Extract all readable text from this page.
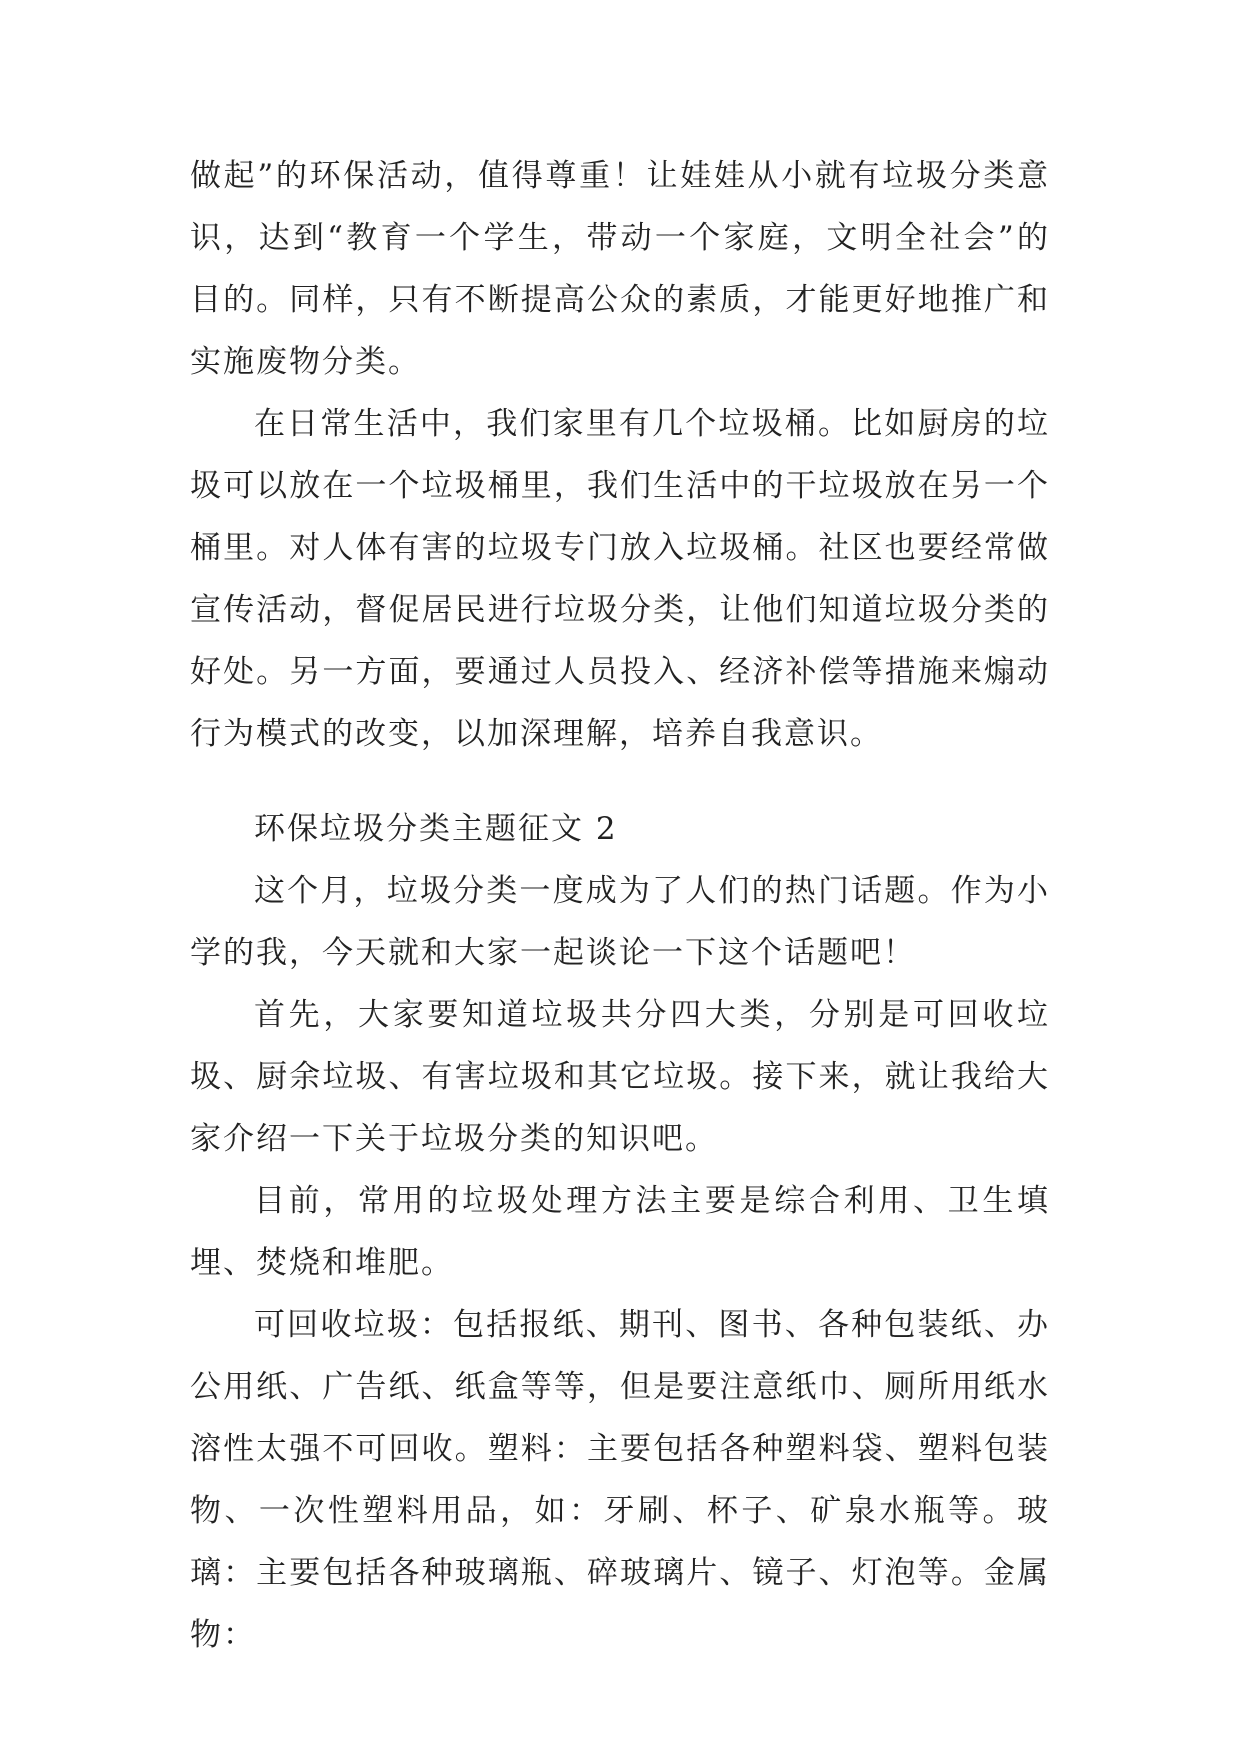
做起”的环保活动，值得尊重！让娃娃从小就有垃圾分类意识，达到“教育一个学生，带动一个家庭，文明全社会”的目的。同样，只有不断提高公众的素质，才能更好地推广和实施废物分类。

在日常生活中，我们家里有几个垃圾桶。比如厨房的垃圾可以放在一个垃圾桶里，我们生活中的干垃圾放在另一个桶里。对人体有害的垃圾专门放入垃圾桶。社区也要经常做宣传活动，督促居民进行垃圾分类，让他们知道垃圾分类的好处。另一方面，要通过人员投入、经济补偿等措施来煽动行为模式的改变，以加深理解，培养自我意识。

环保垃圾分类主题征文 2

这个月，垃圾分类一度成为了人们的热门话题。作为小学的我，今天就和大家一起谈论一下这个话题吧！

首先，大家要知道垃圾共分四大类，分别是可回收垃圾、厨余垃圾、有害垃圾和其它垃圾。接下来，就让我给大家介绍一下关于垃圾分类的知识吧。

目前，常用的垃圾处理方法主要是综合利用、卫生填埋、焚烧和堆肥。

可回收垃圾：包括报纸、期刊、图书、各种包装纸、办公用纸、广告纸、纸盒等等，但是要注意纸巾、厕所用纸水溶性太强不可回收。塑料：主要包括各种塑料袋、塑料包装物、一次性塑料用品，如：牙刷、杯子、矿泉水瓶等。玻璃：主要包括各种玻璃瓶、碎玻璃片、镜子、灯泡等。金属物：
